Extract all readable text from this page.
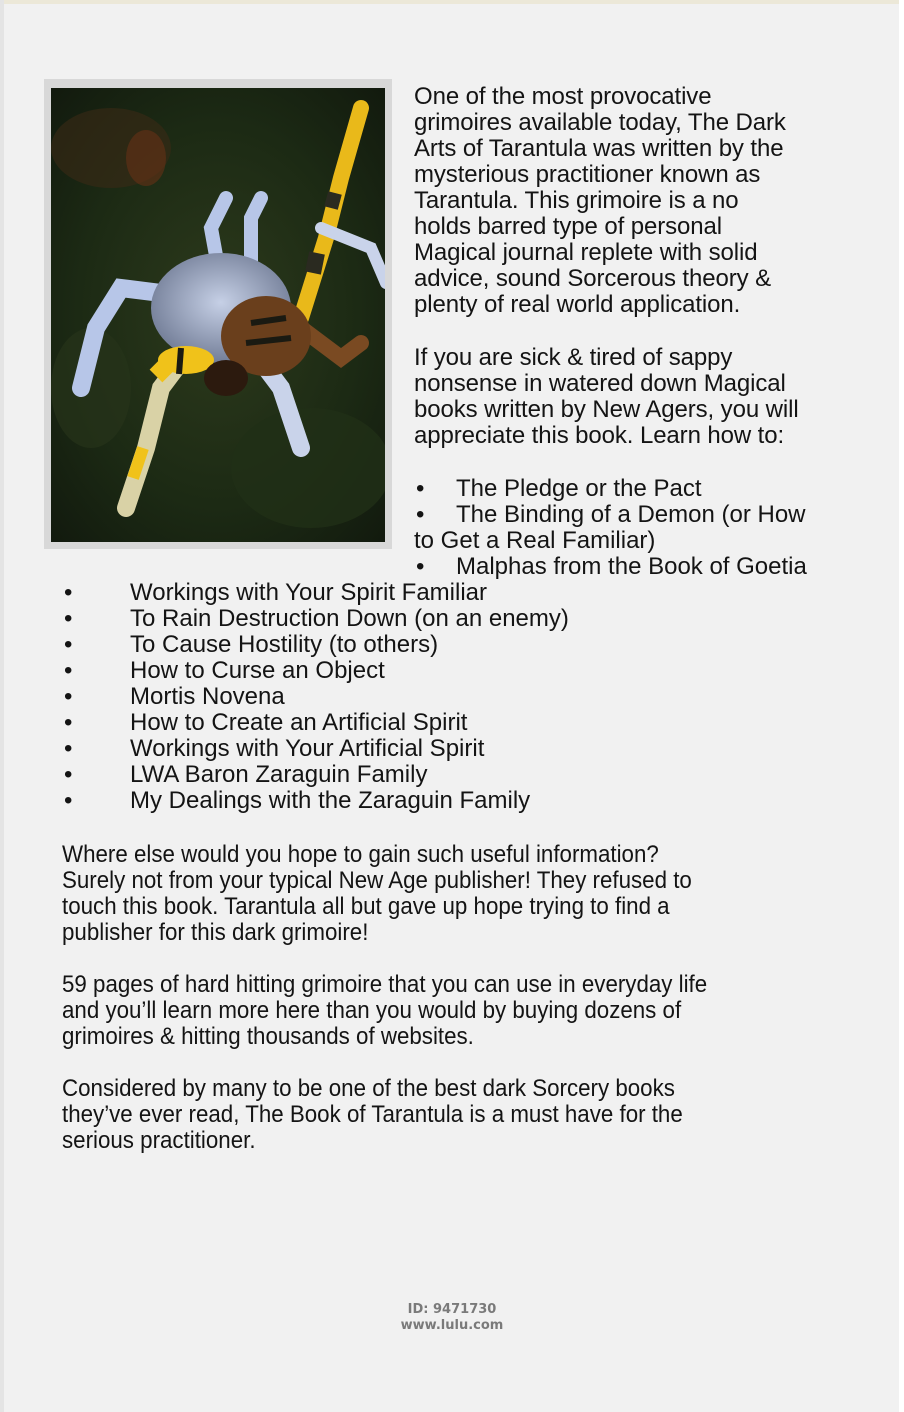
One of the most provocative
grimoires available today, The Dark
Arts of Tarantula was written by the
mysterious practitioner known as
Tarantula. This grimoire is a no
holds barred type of personal
Magical journal replete with solid
advice, sound Sorcerous theory &
plenty of real world application.
If you are sick & tired of sappy
nonsense in watered down Magical
books written by New Agers, you will
appreciate this book. Learn how to:
• The Pledge or the Pact
• The Binding of a Demon (or How
to Get a Real Familiar)
• Malphas from the Book of Goetia
•	Workings with Your Spirit Familiar
•	To Rain Destruction Down (on an enemy)
•	To Cause Hostility (to others)
•	How to Curse an Object
•	Mortis Novena
•	How to Create an Artificial Spirit
•	Workings with Your Artificial Spirit
•	LWA Baron Zaraguin Family
•	My Dealings with the Zaraguin Family
Where else would you hope to gain such useful information?
Surely not from your typical New Age publisher! They refused to
touch this book. Tarantula all but gave up hope trying to find a
publisher for this dark grimoire!
59 pages of hard hitting grimoire that you can use in everyday life
and you’ll learn more here than you would by buying dozens of
grimoires & hitting thousands of websites.
Considered by many to be one of the best dark Sorcery books
they’ve ever read, The Book of Tarantula is a must have for the
serious practitioner.
ID: 9471730
www.lulu.com
